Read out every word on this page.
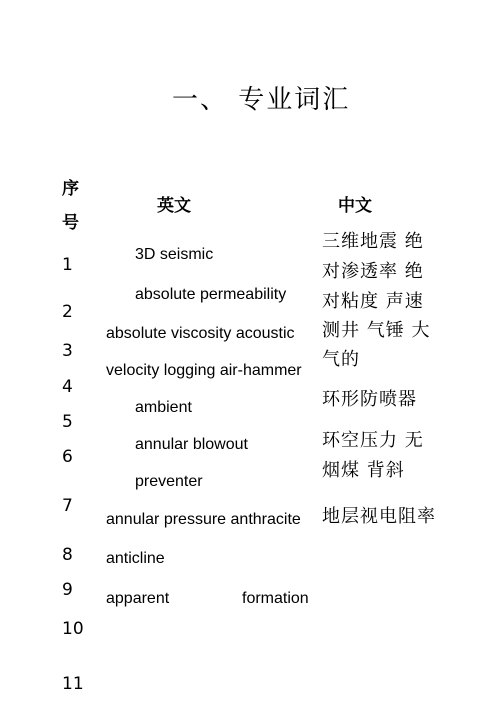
一、 专业词汇
序
号
英文	中文
1
2
3
4
5
6
7
8
9
10
11
3D seismic
absolute permeability
absolute viscosity acoustic
velocity logging air-hammer
ambient
annular blowout
preventer
annular pressure anthracite
anticline
apparent	formation
三维地震 绝
对渗透率 绝
对粘度 声速
测井 气锤 大
气的
环形防喷器
环空压力 无
烟煤 背斜
地层视电阻率
